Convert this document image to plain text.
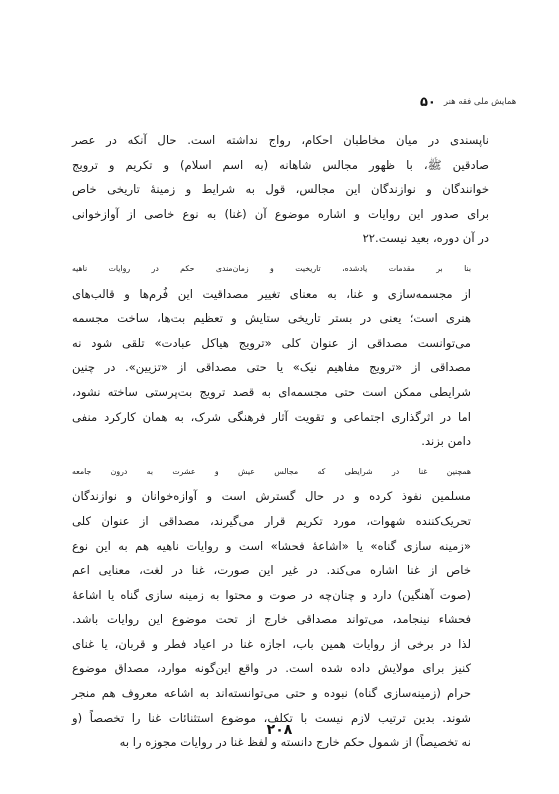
۵۰ همایش ملی فقه هنر
ناپسندی در میان مخاطبان احکام، رواج نداشته است. حال آنکه در عصر
صادقین ﷺ، با ظهور مجالس شاهانه (به اسم اسلام) و تکریم و ترویج
خوانندگان و نوازندگان این مجالس، قول به شرایط و زمینهٔ تاریخی خاص
برای صدور این روایات و اشاره موضوع آن (غنا) به نوع خاصی از آوازخوانی
در آن دوره، بعید نیست.۲۲
بنا بر مقدمات یادشده، تاریخیت و زمان‌مندی حکم در روایات ناهیه
از مجسمه‌سازی و غنا، به معنای تغییر مصداقیت این فُرم‌ها و قالب‌های
هنری است؛ یعنی در بستر تاریخی ستایش و تعظیم بت‌ها، ساخت مجسمه
می‌توانست مصداقی از عنوان کلی «ترویج هیاکل عبادت» تلقی شود نه
مصداقی از «ترویج مفاهیم نیک» یا حتی مصداقی از «تزیین». در چنین
شرایطی ممکن است حتی مجسمه‌ای به قصد ترویج بت‌پرستی ساخته نشود،
اما در اثرگذاری اجتماعی و تقویت آثار فرهنگی شرک، به همان کارکرد منفی
دامن بزند.
همچنین غنا در شرایطی که مجالس عیش و عشرت به درون جامعه
مسلمین نفوذ کرده و در حال گسترش است و آوازه‌خوانان و نوازندگان
تحریک‌کننده شهوات، مورد تکریم قرار می‌گیرند، مصداقی از عنوان کلی
«زمینه سازی گناه» یا «اشاعهٔ فحشا» است و روایات ناهیه هم به این نوع
خاص از غنا اشاره می‌کند. در غیر این صورت، غنا در لغت، معنایی اعم
(صوت آهنگین) دارد و چنان‌چه در صوت و محتوا به زمینه سازی گناه یا اشاعهٔ
فحشاء نینجامد، می‌تواند مصداقی خارج از تحت موضوع این روایات باشد.
لذا در برخی از روایات همین باب، اجازه غنا در اعیاد فطر و قربان، یا غنای
کنیز برای مولایش داده شده است. در واقع این‌گونه موارد، مصداق موضوع
حرام (زمینه‌سازی گناه) نبوده و حتی می‌توانسته‌اند به اشاعه معروف هم منجر
شوند. بدین ترتیب لازم نیست با تکلف، موضوع استثنائات غنا را تخصصاً (و
نه تخصیصاً) از شمول حکم خارج دانسته و لفظ غنا در روایات مجوزه را به
۲۰۸
